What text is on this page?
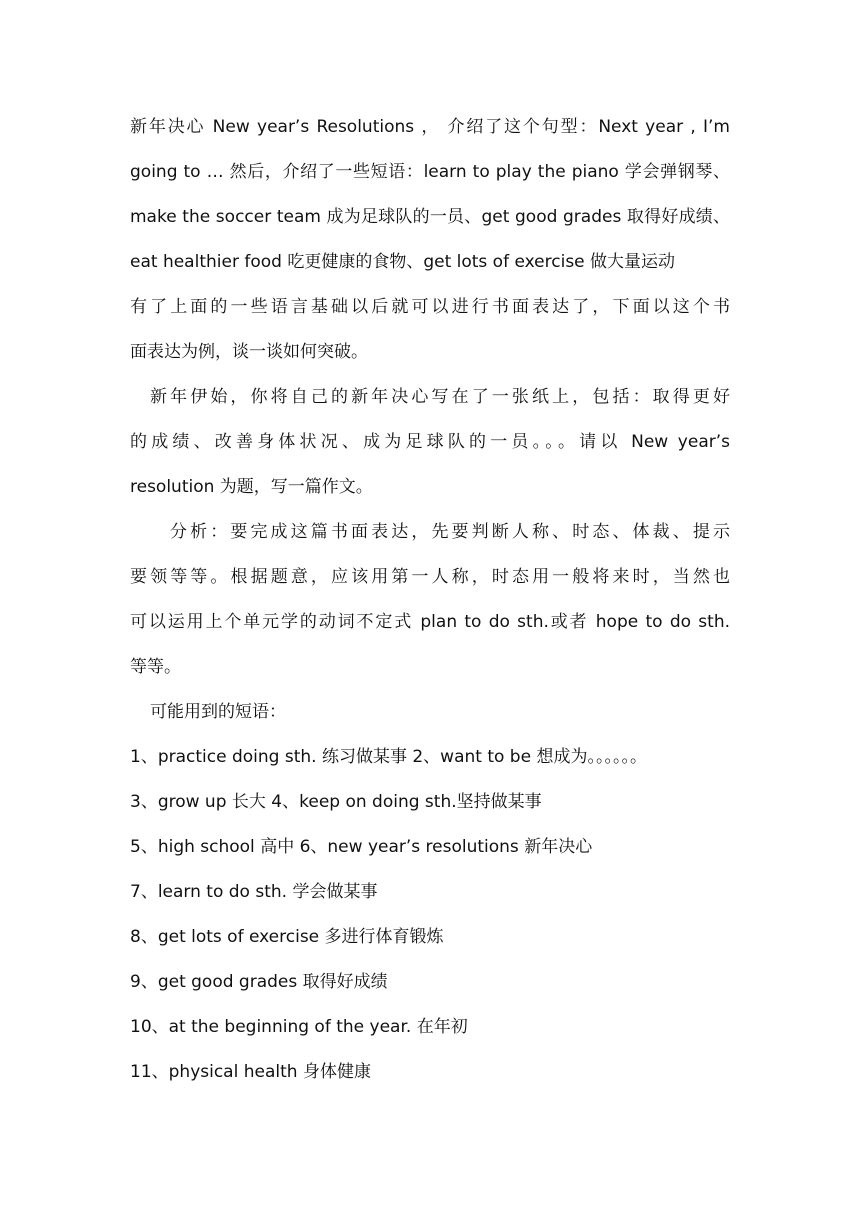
新年决心 New year’s Resolutions ， 介绍了这个句型：Next year , I’m
going to … 然后，介绍了一些短语：learn to play the piano 学会弹钢琴、
make the soccer team 成为足球队的一员、get good grades 取得好成绩、
eat healthier food 吃更健康的食物、get lots of exercise 做大量运动
有了上面的一些语言基础以后就可以进行书面表达了，下面以这个书
面表达为例，谈一谈如何突破。
新年伊始，你将自己的新年决心写在了一张纸上，包括：取得更好
的成绩、改善身体状况、成为足球队的一员。。。请以 New year’s
resolution 为题，写一篇作文。
分析：要完成这篇书面表达，先要判断人称、时态、体裁、提示
要领等等。根据题意，应该用第一人称，时态用一般将来时，当然也
可以运用上个单元学的动词不定式 plan to do sth.或者 hope to do sth.
等等。
可能用到的短语：
1、practice doing sth. 练习做某事 2、want to be 想成为。。。。。。
3、grow up 长大 4、keep on doing sth.坚持做某事
5、high school 高中 6、new year’s resolutions 新年决心
7、learn to do sth. 学会做某事
8、get lots of exercise 多进行体育锻炼
9、get good grades 取得好成绩
10、at the beginning of the year. 在年初
11、physical health 身体健康
